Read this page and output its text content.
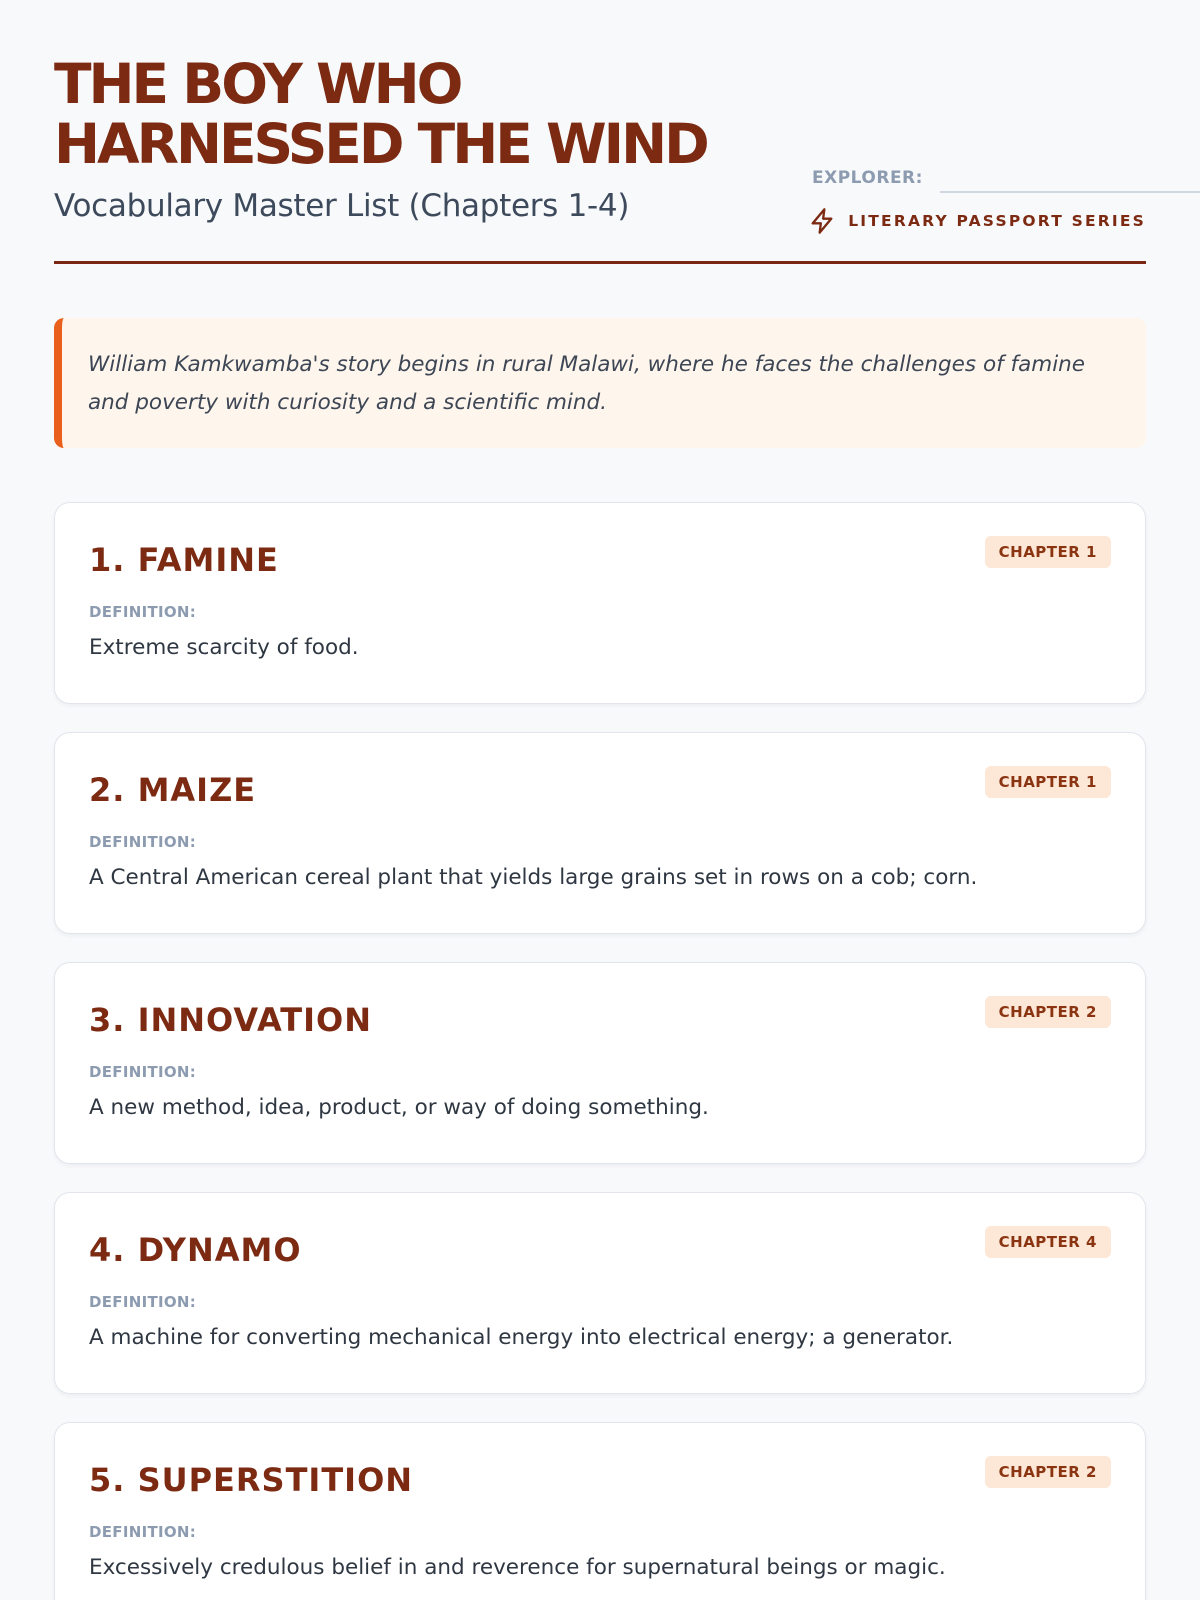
THE BOY WHO
HARNESSED THE WIND
Vocabulary Master List (Chapters 1-4)
EXPLORER:
LITERARY PASSPORT SERIES

William Kamkwamba's story begins in rural Malawi, where he faces the challenges of famine and poverty with curiosity and a scientific mind.

1. FAMINE	CHAPTER 1
DEFINITION:
Extreme scarcity of food.
2. MAIZE	CHAPTER 1
DEFINITION:
A Central American cereal plant that yields large grains set in rows on a cob; corn.
3. INNOVATION	CHAPTER 2
DEFINITION:
A new method, idea, product, or way of doing something.
4. DYNAMO	CHAPTER 4
DEFINITION:
A machine for converting mechanical energy into electrical energy; a generator.
5. SUPERSTITION	CHAPTER 2
DEFINITION:
Excessively credulous belief in and reverence for supernatural beings or magic.
